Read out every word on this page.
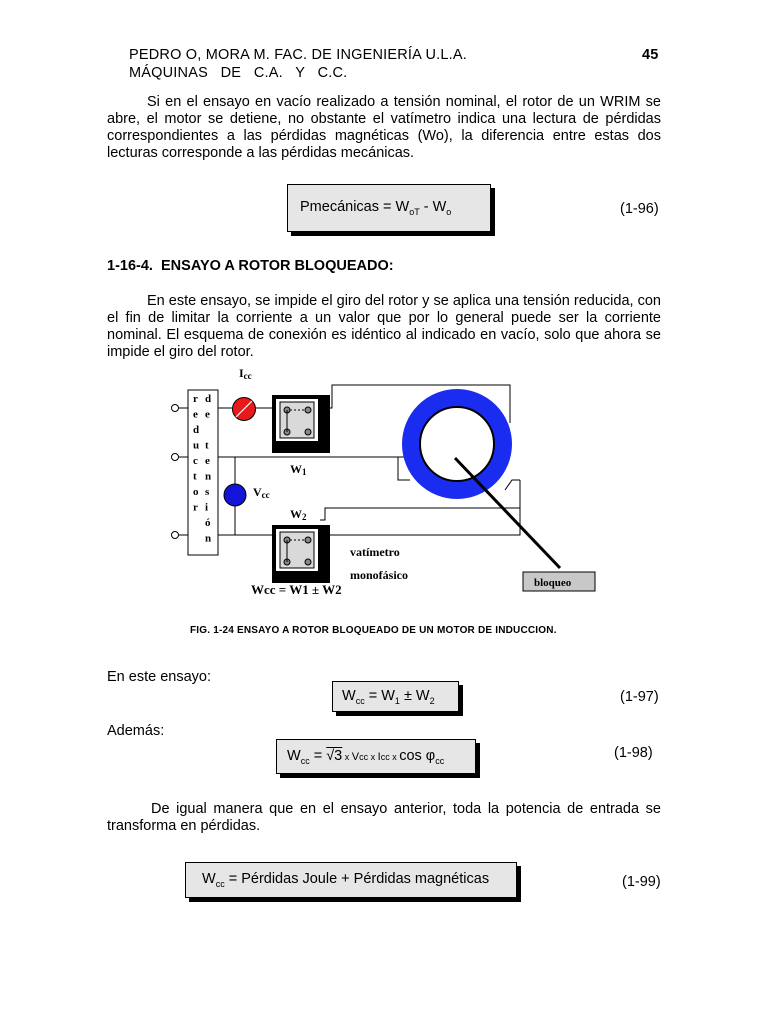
PEDRO O, MORA M. FAC. DE INGENIERÍA U.L.A.	45
MÁQUINAS   DE   C.A.   Y   C.C.
Si en el ensayo en vacío realizado a tensión nominal, el rotor de un WRIM se abre, el motor se detiene, no obstante el vatímetro indica una lectura de pérdidas correspondientes a las pérdidas magnéticas (Wo), la diferencia entre estas dos lecturas corresponde a las pérdidas mecánicas.
Pmecánicas = $W_{oT} - W_o$	(1-96)
1-16-4.  ENSAYO A ROTOR BLOQUEADO:
En este ensayo, se impide el giro del rotor y se aplica una tensión reducida, con el fin de limitar la corriente a un valor que por lo general puede ser la corriente nominal. El esquema de conexión es idéntico al indicado en vacío, solo que ahora se impide el giro del rotor.
r d
e e
d
u t
c e
t n
o s
r i
ó
n
Icc
Vcc
W1
W2
vatímetro
monofásico
bloqueo
Wcc = W1 ± W2
FIG. 1-24 ENSAYO A ROTOR BLOQUEADO DE UN MOTOR DE INDUCCION.
En este ensayo:
$W_{cc} = W_1 \pm W_2$	(1-97)
Además:
$W_{cc} = √3$ x Vcc x Icc x $\cos \varphi_{cc}$	(1-98)
De igual manera que en el ensayo anterior, toda la potencia de entrada se transforma en pérdidas.
$W_{cc}$ = Pérdidas Joule + Pérdidas magnéticas	(1-99)
